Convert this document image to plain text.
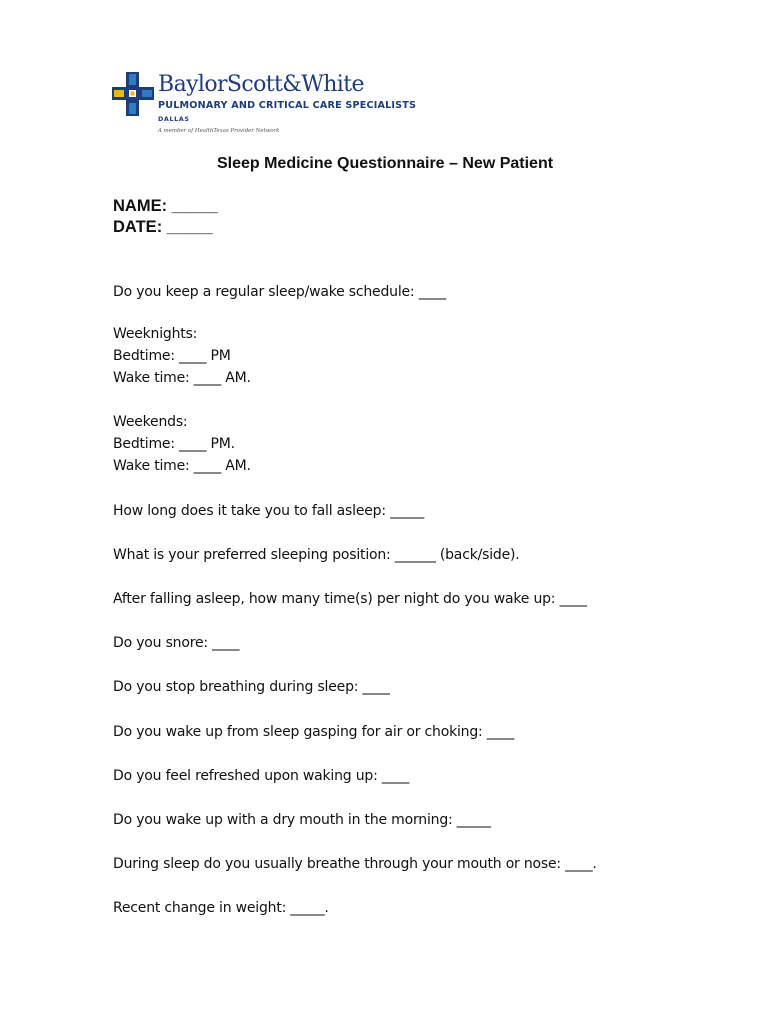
BaylorScott&White
PULMONARY AND CRITICAL CARE SPECIALISTS
DALLAS
A member of HealthTexas Provider Network
Sleep Medicine Questionnaire – New Patient
NAME: _____
DATE: _____
Do you keep a regular sleep/wake schedule: ____
Weeknights:
Bedtime: ____ PM
Wake time: ____ AM.
Weekends:
Bedtime: ____ PM.
Wake time: ____ AM.
How long does it take you to fall asleep: _____
What is your preferred sleeping position: ______ (back/side).
After falling asleep, how many time(s) per night do you wake up: ____
Do you snore: ____
Do you stop breathing during sleep: ____
Do you wake up from sleep gasping for air or choking: ____
Do you feel refreshed upon waking up: ____
Do you wake up with a dry mouth in the morning: _____
During sleep do you usually breathe through your mouth or nose: ____.
Recent change in weight: _____.
